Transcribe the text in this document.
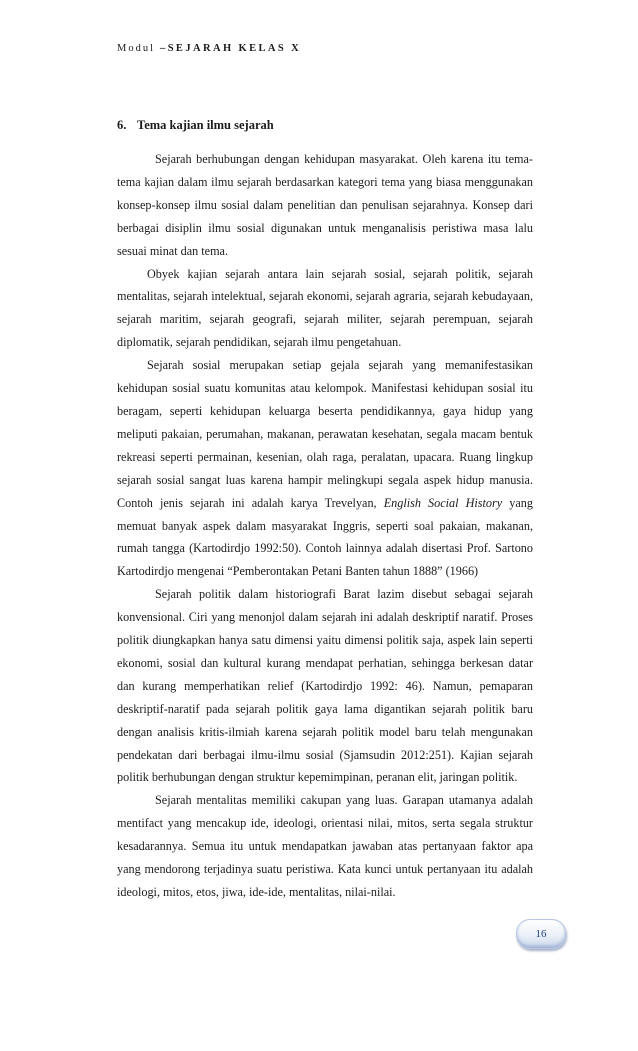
Modul –SEJARAH KELAS X
6. Tema kajian ilmu sejarah

Sejarah berhubungan dengan kehidupan masyarakat. Oleh karena itu tema-tema kajian dalam ilmu sejarah berdasarkan kategori tema yang biasa menggunakan konsep-konsep ilmu sosial dalam penelitian dan penulisan sejarahnya. Konsep dari berbagai disiplin ilmu sosial digunakan untuk menganalisis peristiwa masa lalu sesuai minat dan tema.

Obyek kajian sejarah antara lain sejarah sosial, sejarah politik, sejarah mentalitas, sejarah intelektual, sejarah ekonomi, sejarah agraria, sejarah kebudayaan, sejarah maritim, sejarah geografi, sejarah militer, sejarah perempuan, sejarah diplomatik, sejarah pendidikan, sejarah ilmu pengetahuan.

Sejarah sosial merupakan setiap gejala sejarah yang memanifestasikan kehidupan sosial suatu komunitas atau kelompok. Manifestasi kehidupan sosial itu beragam, seperti kehidupan keluarga beserta pendidikannya, gaya hidup yang meliputi pakaian, perumahan, makanan, perawatan kesehatan, segala macam bentuk rekreasi seperti permainan, kesenian, olah raga, peralatan, upacara. Ruang lingkup sejarah sosial sangat luas karena hampir melingkupi segala aspek hidup manusia. Contoh jenis sejarah ini adalah karya Trevelyan, English Social History yang memuat banyak aspek dalam masyarakat Inggris, seperti soal pakaian, makanan, rumah tangga (Kartodirdjo 1992:50). Contoh lainnya adalah disertasi Prof. Sartono Kartodirdjo mengenai “Pemberontakan Petani Banten tahun 1888” (1966)

Sejarah politik dalam historiografi Barat lazim disebut sebagai sejarah konvensional. Ciri yang menonjol dalam sejarah ini adalah deskriptif naratif. Proses politik diungkapkan hanya satu dimensi yaitu dimensi politik saja, aspek lain seperti ekonomi, sosial dan kultural kurang mendapat perhatian, sehingga berkesan datar dan kurang memperhatikan relief (Kartodirdjo 1992: 46). Namun, pemaparan deskriptif-naratif pada sejarah politik gaya lama digantikan sejarah politik baru dengan analisis kritis-ilmiah karena sejarah politik model baru telah mengunakan pendekatan dari berbagai ilmu-ilmu sosial (Sjamsudin 2012:251). Kajian sejarah politik berhubungan dengan struktur kepemimpinan, peranan elit, jaringan politik.

Sejarah mentalitas memiliki cakupan yang luas. Garapan utamanya adalah mentifact yang mencakup ide, ideologi, orientasi nilai, mitos, serta segala struktur kesadarannya. Semua itu untuk mendapatkan jawaban atas pertanyaan faktor apa yang mendorong terjadinya suatu peristiwa. Kata kunci untuk pertanyaan itu adalah ideologi, mitos, etos, jiwa, ide-ide, mentalitas, nilai-nilai.

16
